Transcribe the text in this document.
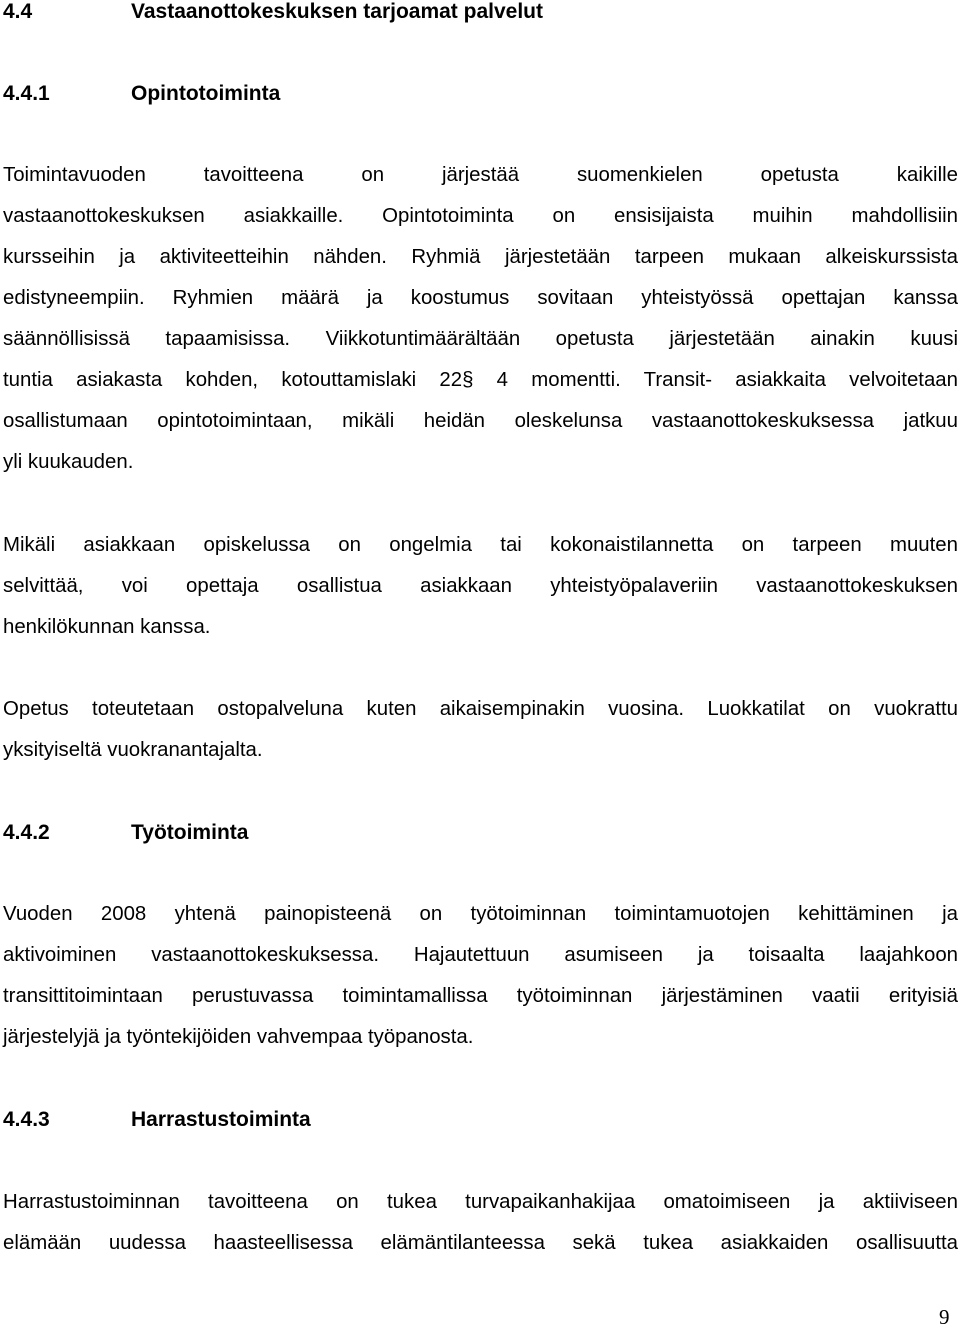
4.4	Vastaanottokeskuksen tarjoamat palvelut
4.4.1	Opintotoiminta
Toimintavuoden tavoitteena on järjestää suomenkielen opetusta kaikille
vastaanottokeskuksen asiakkaille. Opintotoiminta on ensisijaista muihin mahdollisiin
kursseihin ja aktiviteetteihin nähden. Ryhmiä järjestetään tarpeen mukaan alkeiskurssista
edistyneempiin. Ryhmien määrä ja koostumus sovitaan yhteistyössä opettajan kanssa
säännöllisissä tapaamisissa. Viikkotuntimäärältään opetusta järjestetään ainakin kuusi
tuntia asiakasta kohden, kotouttamislaki 22§ 4 momentti. Transit- asiakkaita velvoitetaan
osallistumaan opintotoimintaan, mikäli heidän oleskelunsa vastaanottokeskuksessa jatkuu
yli kuukauden.
Mikäli asiakkaan opiskelussa on ongelmia tai kokonaistilannetta on tarpeen muuten
selvittää, voi opettaja osallistua asiakkaan yhteistyöpalaveriin vastaanottokeskuksen
henkilökunnan kanssa.
Opetus toteutetaan ostopalveluna kuten aikaisempinakin vuosina. Luokkatilat on vuokrattu
yksityiseltä vuokranantajalta.
4.4.2	Työtoiminta
Vuoden 2008 yhtenä painopisteenä on työtoiminnan toimintamuotojen kehittäminen ja
aktivoiminen vastaanottokeskuksessa. Hajautettuun asumiseen ja toisaalta laajahkoon
transittitoimintaan perustuvassa toimintamallissa työtoiminnan järjestäminen vaatii erityisiä
järjestelyjä ja työntekijöiden vahvempaa työpanosta.
4.4.3	Harrastustoiminta
Harrastustoiminnan tavoitteena on tukea turvapaikanhakijaa omatoimiseen ja aktiiviseen
elämään uudessa haasteellisessa elämäntilanteessa sekä tukea asiakkaiden osallisuutta
9
